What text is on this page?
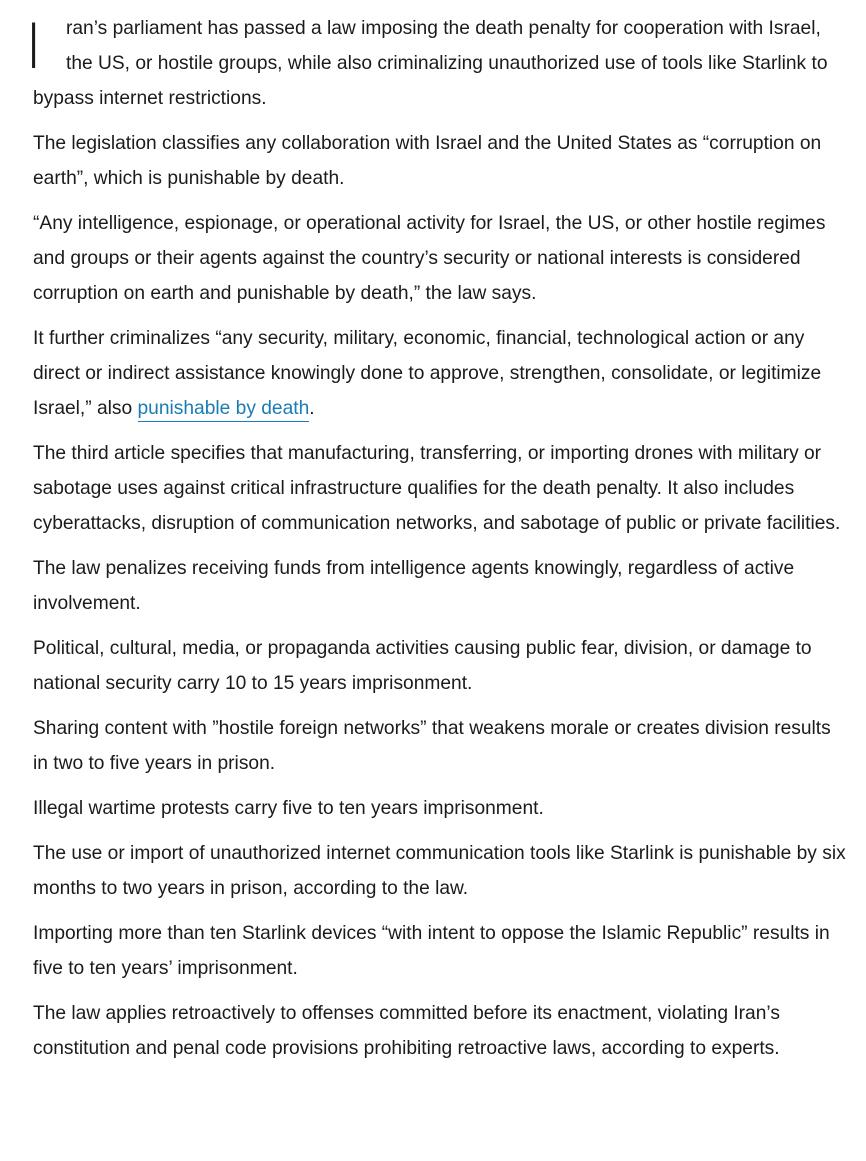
I ran’s parliament has passed a law imposing the death penalty for cooperation with Israel, the US, or hostile groups, while also criminalizing unauthorized use of tools like Starlink to bypass internet restrictions.

The legislation classifies any collaboration with Israel and the United States as “corruption on earth”, which is punishable by death.

“Any intelligence, espionage, or operational activity for Israel, the US, or other hostile regimes and groups or their agents against the country’s security or national interests is considered corruption on earth and punishable by death,” the law says.

It further criminalizes “any security, military, economic, financial, technological action or any direct or indirect assistance knowingly done to approve, strengthen, consolidate, or legitimize Israel,” also punishable by death.

The third article specifies that manufacturing, transferring, or importing drones with military or sabotage uses against critical infrastructure qualifies for the death penalty. It also includes cyberattacks, disruption of communication networks, and sabotage of public or private facilities.

The law penalizes receiving funds from intelligence agents knowingly, regardless of active involvement.

Political, cultural, media, or propaganda activities causing public fear, division, or damage to national security carry 10 to 15 years imprisonment.

Sharing content with ”hostile foreign networks” that weakens morale or creates division results in two to five years in prison.

Illegal wartime protests carry five to ten years imprisonment.

The use or import of unauthorized internet communication tools like Starlink is punishable by six months to two years in prison, according to the law.

Importing more than ten Starlink devices “with intent to oppose the Islamic Republic” results in five to ten years’ imprisonment.

The law applies retroactively to offenses committed before its enactment, violating Iran’s constitution and penal code provisions prohibiting retroactive laws, according to experts.
